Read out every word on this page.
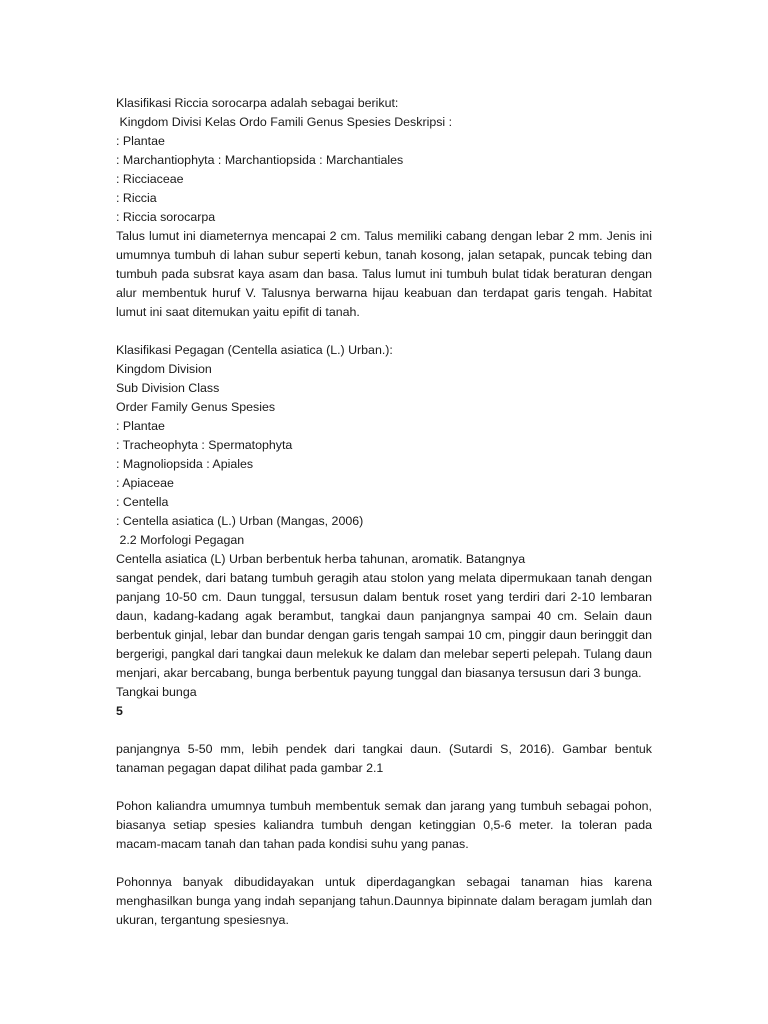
Klasifikasi Riccia sorocarpa adalah sebagai berikut:
Kingdom Divisi Kelas Ordo Famili Genus Spesies Deskripsi :
: Plantae
: Marchantiophyta : Marchantiopsida : Marchantiales
: Ricciaceae
: Riccia
: Riccia sorocarpa
Talus lumut ini diameternya mencapai 2 cm. Talus memiliki cabang dengan lebar 2 mm. Jenis ini umumnya tumbuh di lahan subur seperti kebun, tanah kosong, jalan setapak, puncak tebing dan tumbuh pada subsrat kaya asam dan basa. Talus lumut ini tumbuh bulat tidak beraturan dengan alur membentuk huruf V. Talusnya berwarna hijau keabuan dan terdapat garis tengah. Habitat lumut ini saat ditemukan yaitu epifit di tanah.
Klasifikasi Pegagan (Centella asiatica (L.) Urban.):
Kingdom Division
Sub Division Class
Order Family Genus Spesies
: Plantae
: Tracheophyta : Spermatophyta
: Magnoliopsida : Apiales
: Apiaceae
: Centella
: Centella asiatica (L.) Urban (Mangas, 2006)
2.2 Morfologi Pegagan
Centella asiatica (L) Urban berbentuk herba tahunan, aromatik. Batangnya
sangat pendek, dari batang tumbuh geragih atau stolon yang melata dipermukaan tanah dengan panjang 10-50 cm. Daun tunggal, tersusun dalam bentuk roset yang terdiri dari 2-10 lembaran daun, kadang-kadang agak berambut, tangkai daun panjangnya sampai 40 cm. Selain daun berbentuk ginjal, lebar dan bundar dengan garis tengah sampai 10 cm, pinggir daun beringgit dan bergerigi, pangkal dari tangkai daun melekuk ke dalam dan melebar seperti pelepah. Tulang daun menjari, akar bercabang, bunga berbentuk payung tunggal dan biasanya tersusun dari 3 bunga.
Tangkai bunga
5
panjangnya 5-50 mm, lebih pendek dari tangkai daun. (Sutardi S, 2016). Gambar bentuk tanaman pegagan dapat dilihat pada gambar 2.1
Pohon kaliandra umumnya tumbuh membentuk semak dan jarang yang tumbuh sebagai pohon, biasanya setiap spesies kaliandra tumbuh dengan ketinggian 0,5-6 meter. Ia toleran pada macam-macam tanah dan tahan pada kondisi suhu yang panas.
Pohonnya banyak dibudidayakan untuk diperdagangkan sebagai tanaman hias karena menghasilkan bunga yang indah sepanjang tahun.Daunnya bipinnate dalam beragam jumlah dan ukuran, tergantung spesiesnya.
